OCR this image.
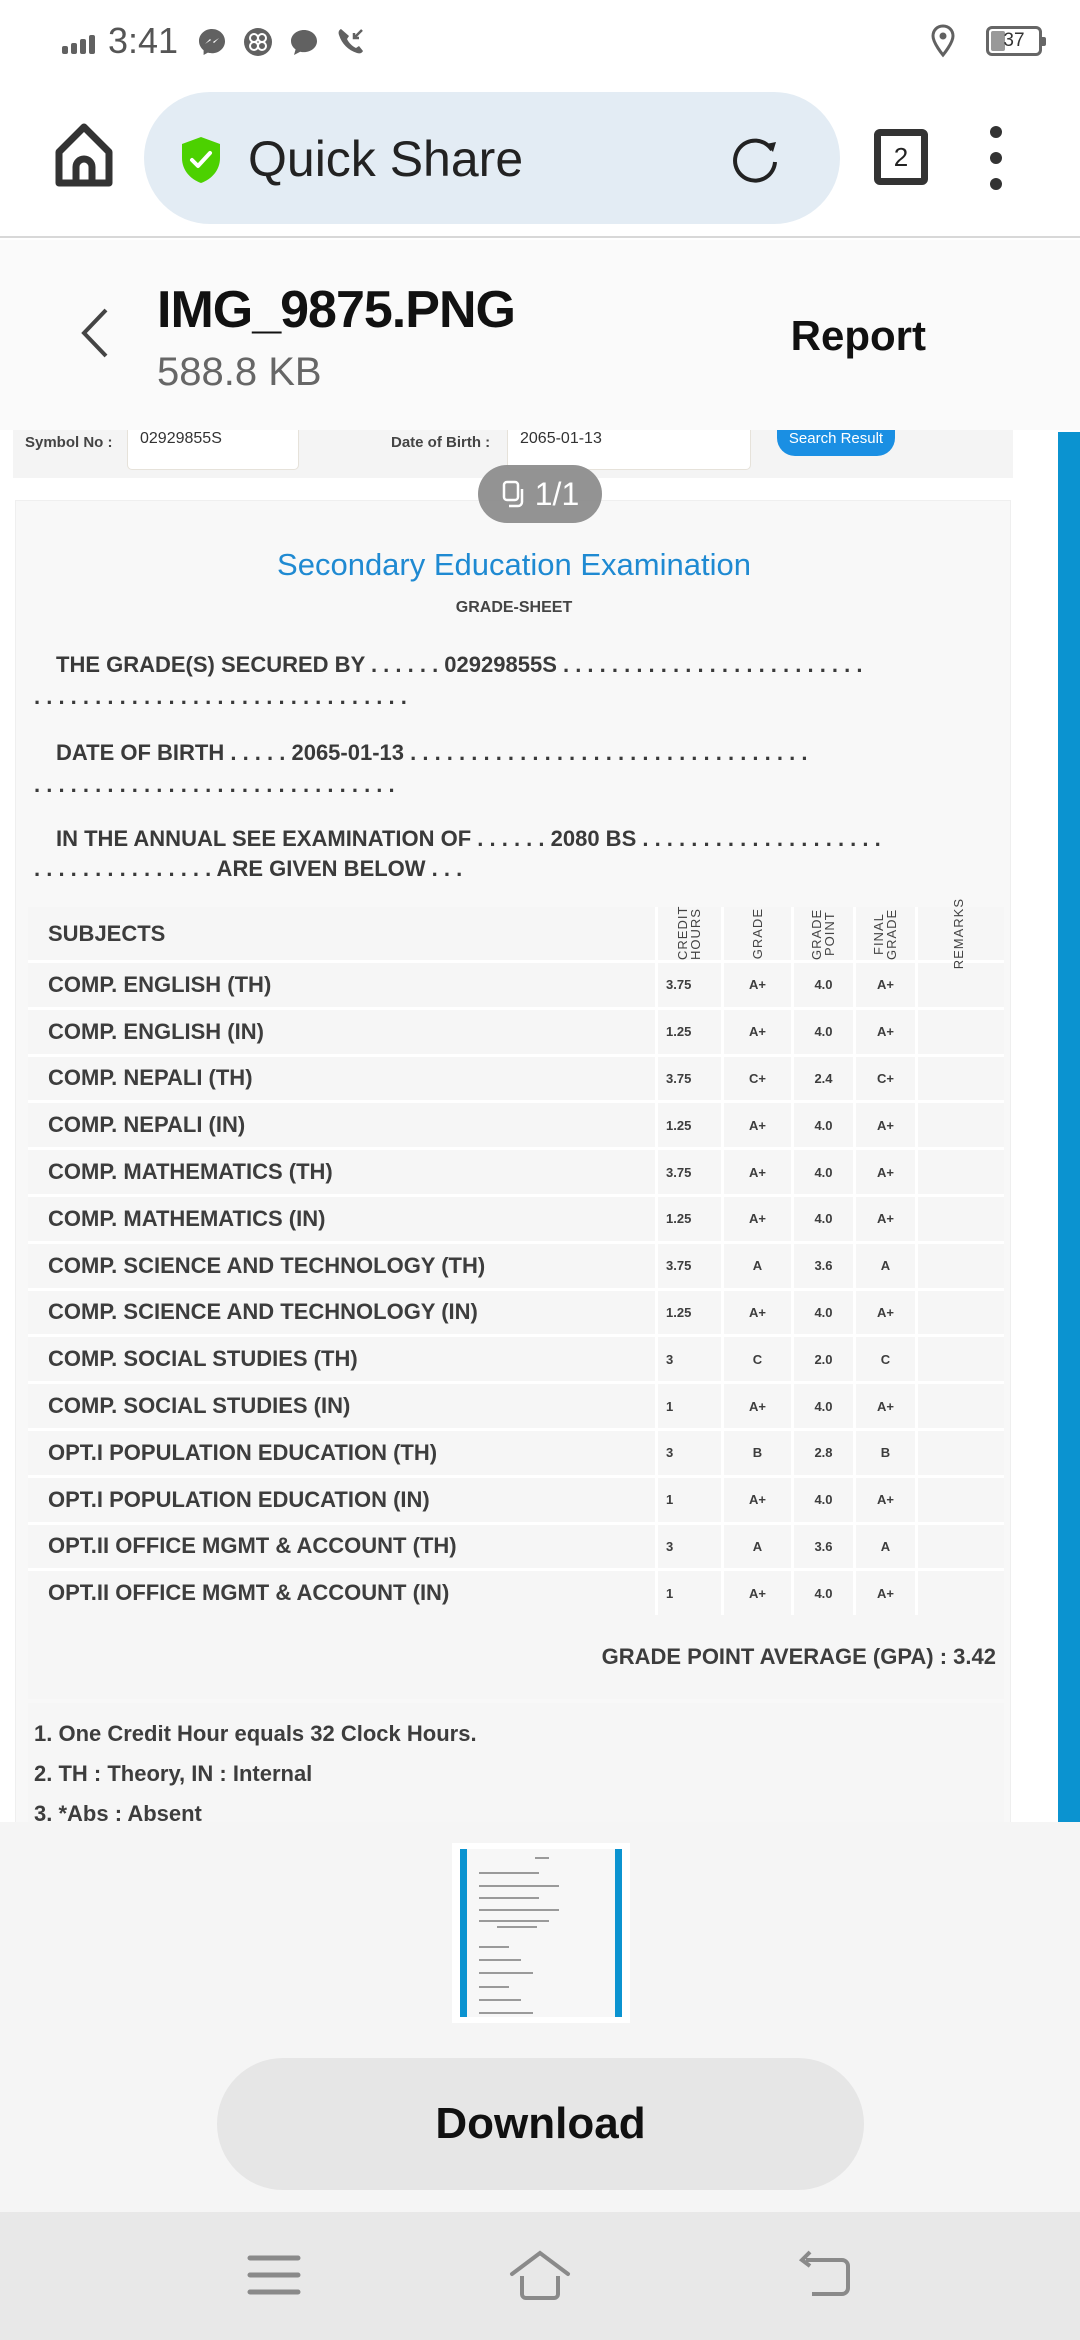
3:41	37
Quick Share	2
IMG_9875.PNG
588.8 KB
Report
Symbol No :	02929855S	Date of Birth :	2065-01-13	Search Result
Secondary Education Examination
GRADE-SHEET
THE GRADE(S) SECURED BY . . . . . . 02929855S . . . . . . . . . . . . . . . . . . . . . . . . .
. . . . . . . . . . . . . . . . . . . . . . . . . . . . . . .
DATE OF BIRTH . . . . . 2065-01-13 . . . . . . . . . . . . . . . . . . . . . . . . . . . . . . . . .
. . . . . . . . . . . . . . . . . . . . . . . . . . . . . .
IN THE ANNUAL SEE EXAMINATION OF . . . . . . 2080 BS . . . . . . . . . . . . . . . . . . . .
. . . . . . . . . . . . . . . ARE GIVEN BELOW . . .
SUBJECTS	CREDIT HOURS	GRADE	GRADE POINT	FINAL GRADE	REMARKS
COMP. ENGLISH (TH)	3.75	A+	4.0	A+
COMP. ENGLISH (IN)	1.25	A+	4.0	A+
COMP. NEPALI (TH)	3.75	C+	2.4	C+
COMP. NEPALI (IN)	1.25	A+	4.0	A+
COMP. MATHEMATICS (TH)	3.75	A+	4.0	A+
COMP. MATHEMATICS (IN)	1.25	A+	4.0	A+
COMP. SCIENCE AND TECHNOLOGY (TH)	3.75	A	3.6	A
COMP. SCIENCE AND TECHNOLOGY (IN)	1.25	A+	4.0	A+
COMP. SOCIAL STUDIES (TH)	3	C	2.0	C
COMP. SOCIAL STUDIES (IN)	1	A+	4.0	A+
OPT.I POPULATION EDUCATION (TH)	3	B	2.8	B
OPT.I POPULATION EDUCATION (IN)	1	A+	4.0	A+
OPT.II OFFICE MGMT & ACCOUNT (TH)	3	A	3.6	A
OPT.II OFFICE MGMT & ACCOUNT (IN)	1	A+	4.0	A+
GRADE POINT AVERAGE (GPA) : 3.42
1. One Credit Hour equals 32 Clock Hours.
2. TH : Theory, IN : Internal
3. *Abs : Absent
1/1
Download
